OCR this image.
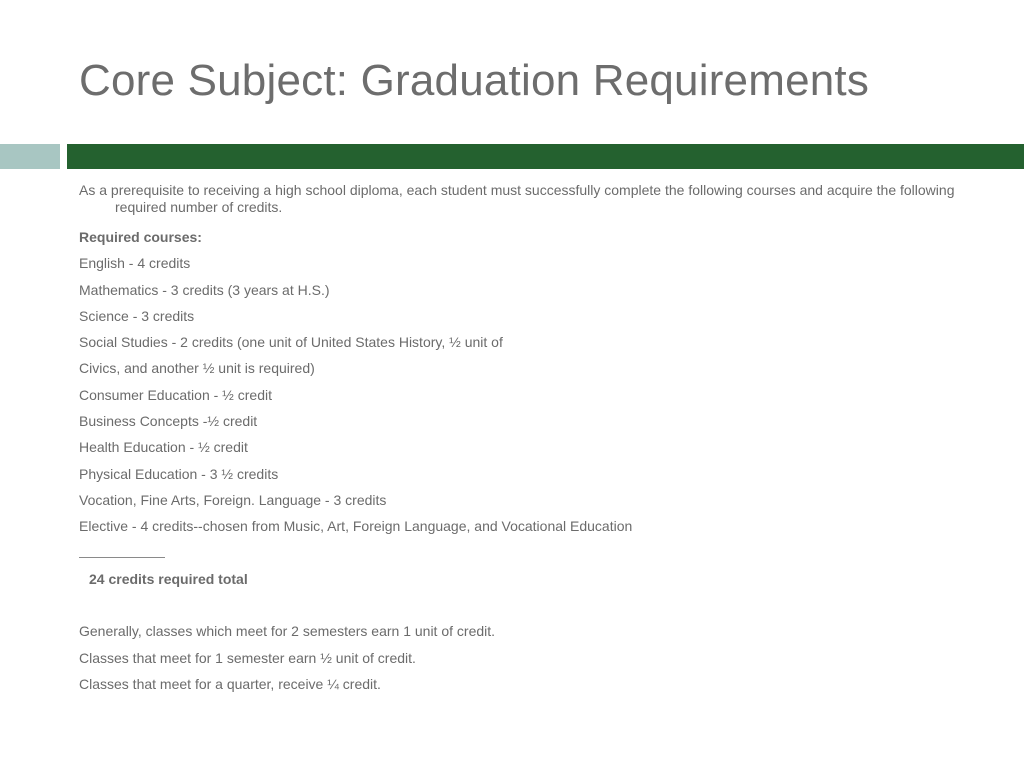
Core Subject: Graduation Requirements

As a prerequisite to receiving a high school diploma, each student must successfully complete the following courses and acquire the following required number of credits.

Required courses:

English - 4 credits

Mathematics - 3 credits (3 years at H.S.)

Science - 3 credits

Social Studies - 2 credits (one unit of United States History, ½ unit of

Civics, and another ½ unit is required)

Consumer Education - ½ credit

Business Concepts -½ credit

Health Education - ½ credit

Physical Education - 3 ½ credits

Vocation, Fine Arts, Foreign. Language - 3 credits

Elective - 4 credits--chosen from Music, Art, Foreign Language, and Vocational Education

24 credits required total

Generally, classes which meet for 2 semesters earn 1 unit of credit.

Classes that meet for 1 semester earn ½ unit of credit.

Classes that meet for a quarter, receive ¼ credit.
